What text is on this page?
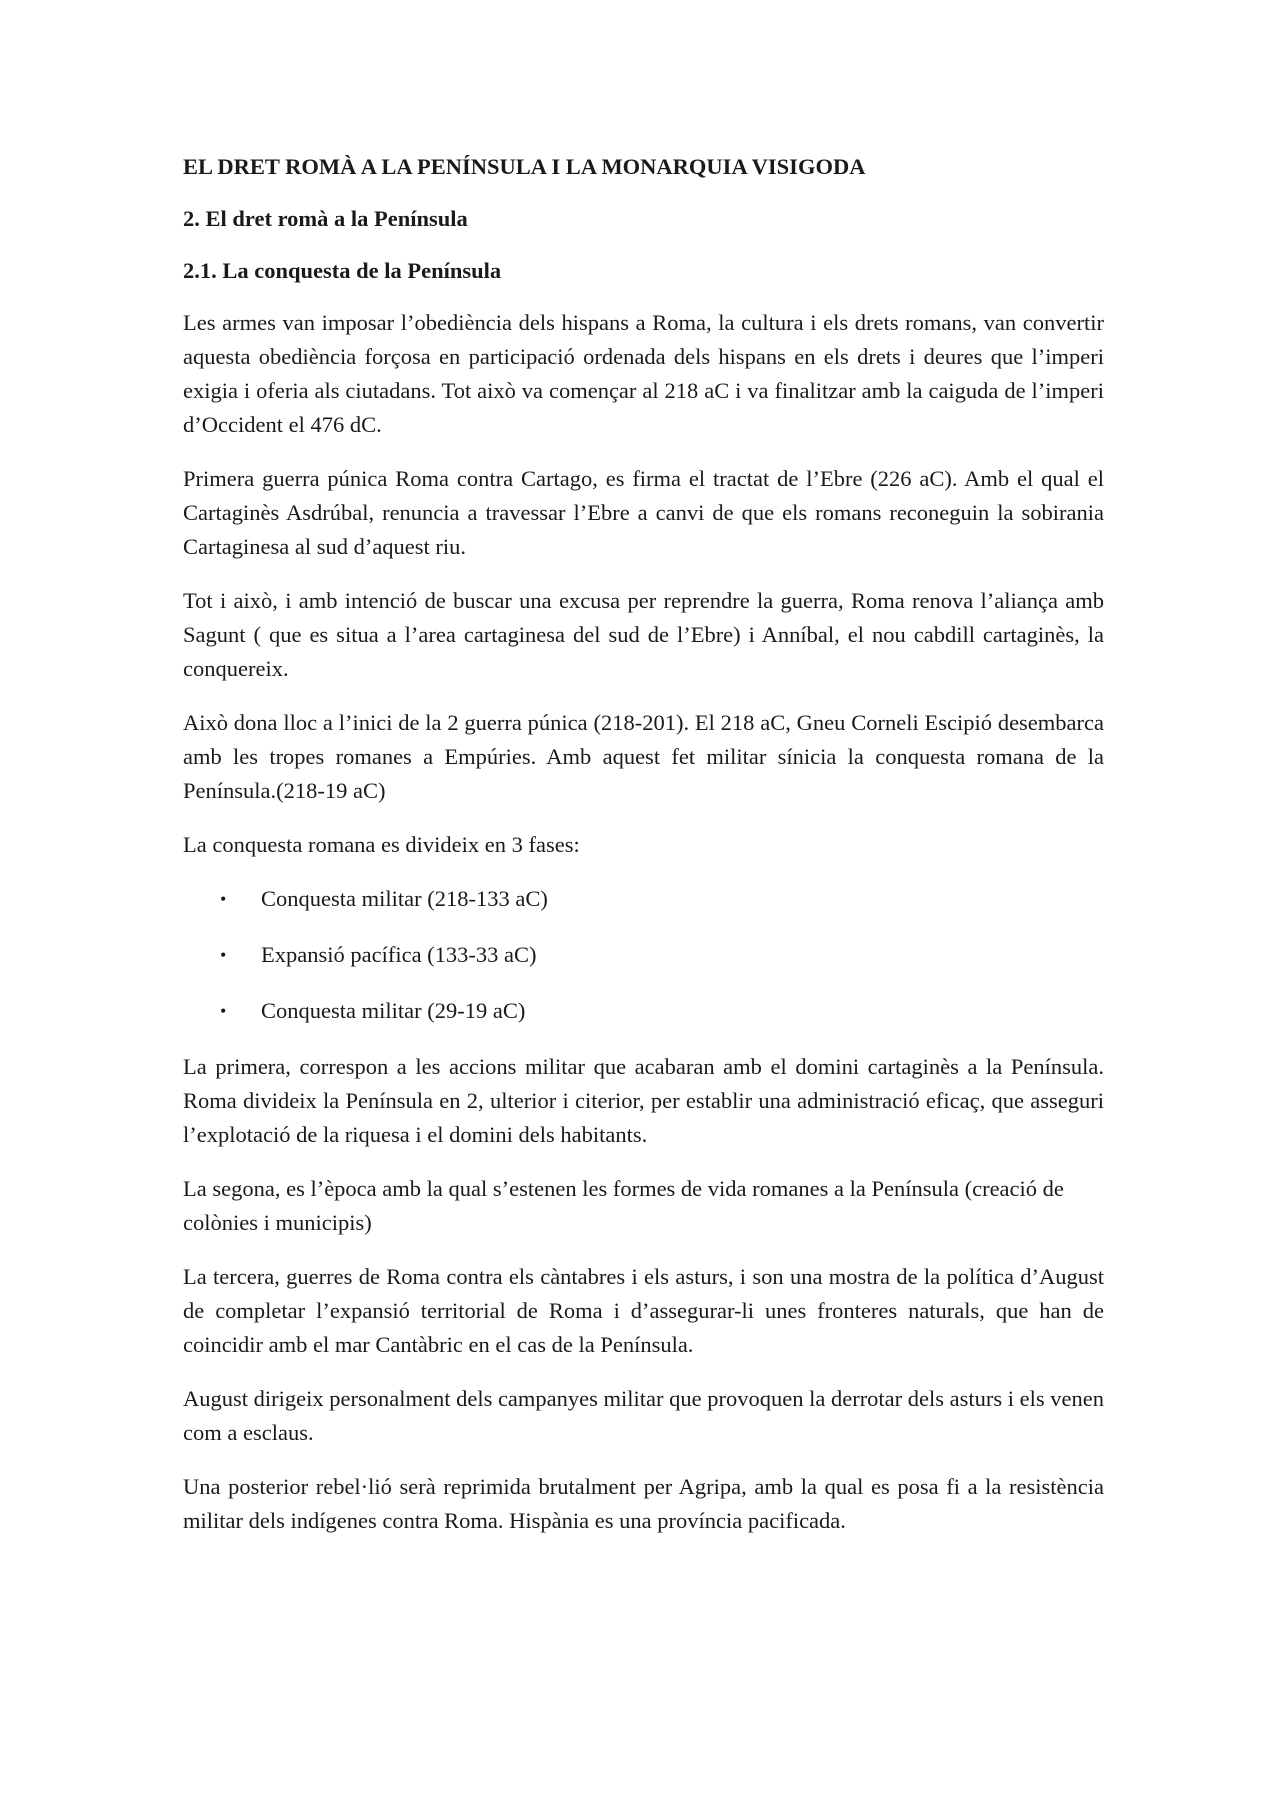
EL DRET ROMÀ A LA PENÍNSULA I LA MONARQUIA VISIGODA
2. El dret romà a la Península
2.1. La conquesta de la Península

Les armes van imposar l’obediència dels hispans a Roma, la cultura i els drets romans, van convertir aquesta obediència forçosa en participació ordenada dels hispans en els drets i deures que l’imperi exigia i oferia als ciutadans. Tot això va començar al 218 aC i va finalitzar amb la caiguda de l’imperi d’Occident el 476 dC.

Primera guerra púnica Roma contra Cartago, es firma el tractat de l’Ebre (226 aC). Amb el qual el Cartaginès Asdrúbal, renuncia a travessar l’Ebre a canvi de que els romans reconeguin la sobirania Cartaginesa al sud d’aquest riu.

Tot i això, i amb intenció de buscar una excusa per reprendre la guerra, Roma renova l’aliança amb Sagunt ( que es situa a l’area cartaginesa del sud de l’Ebre) i Anníbal, el nou cabdill cartaginès, la conquereix.

Això dona lloc a l’inici de la 2 guerra púnica (218-201). El 218 aC, Gneu Corneli Escipió desembarca amb les tropes romanes a Empúries. Amb aquest fet militar sínicia la conquesta romana de la Península.(218-19 aC)

La conquesta romana es divideix en 3 fases:

• Conquesta militar (218-133 aC)
• Expansió pacífica (133-33 aC)
• Conquesta militar (29-19 aC)

La primera, correspon a les accions militar que acabaran amb el domini cartaginès a la Península. Roma divideix la Península en 2, ulterior i citerior, per establir una administració eficaç, que asseguri l’explotació de la riquesa i el domini dels habitants.

La segona, es l’època amb la qual s’estenen les formes de vida romanes a la Península (creació de colònies i municipis)

La tercera, guerres de Roma contra els càntabres i els asturs, i son una mostra de la política d’August de completar l’expansió territorial de Roma i d’assegurar-li unes fronteres naturals, que han de coincidir amb el mar Cantàbric en el cas de la Península.

August dirigeix personalment dels campanyes militar que provoquen la derrotar dels asturs i els venen com a esclaus.

Una posterior rebel·lió serà reprimida brutalment per Agripa, amb la qual es posa fi a la resistència militar dels indígenes contra Roma. Hispània es una província pacificada.
